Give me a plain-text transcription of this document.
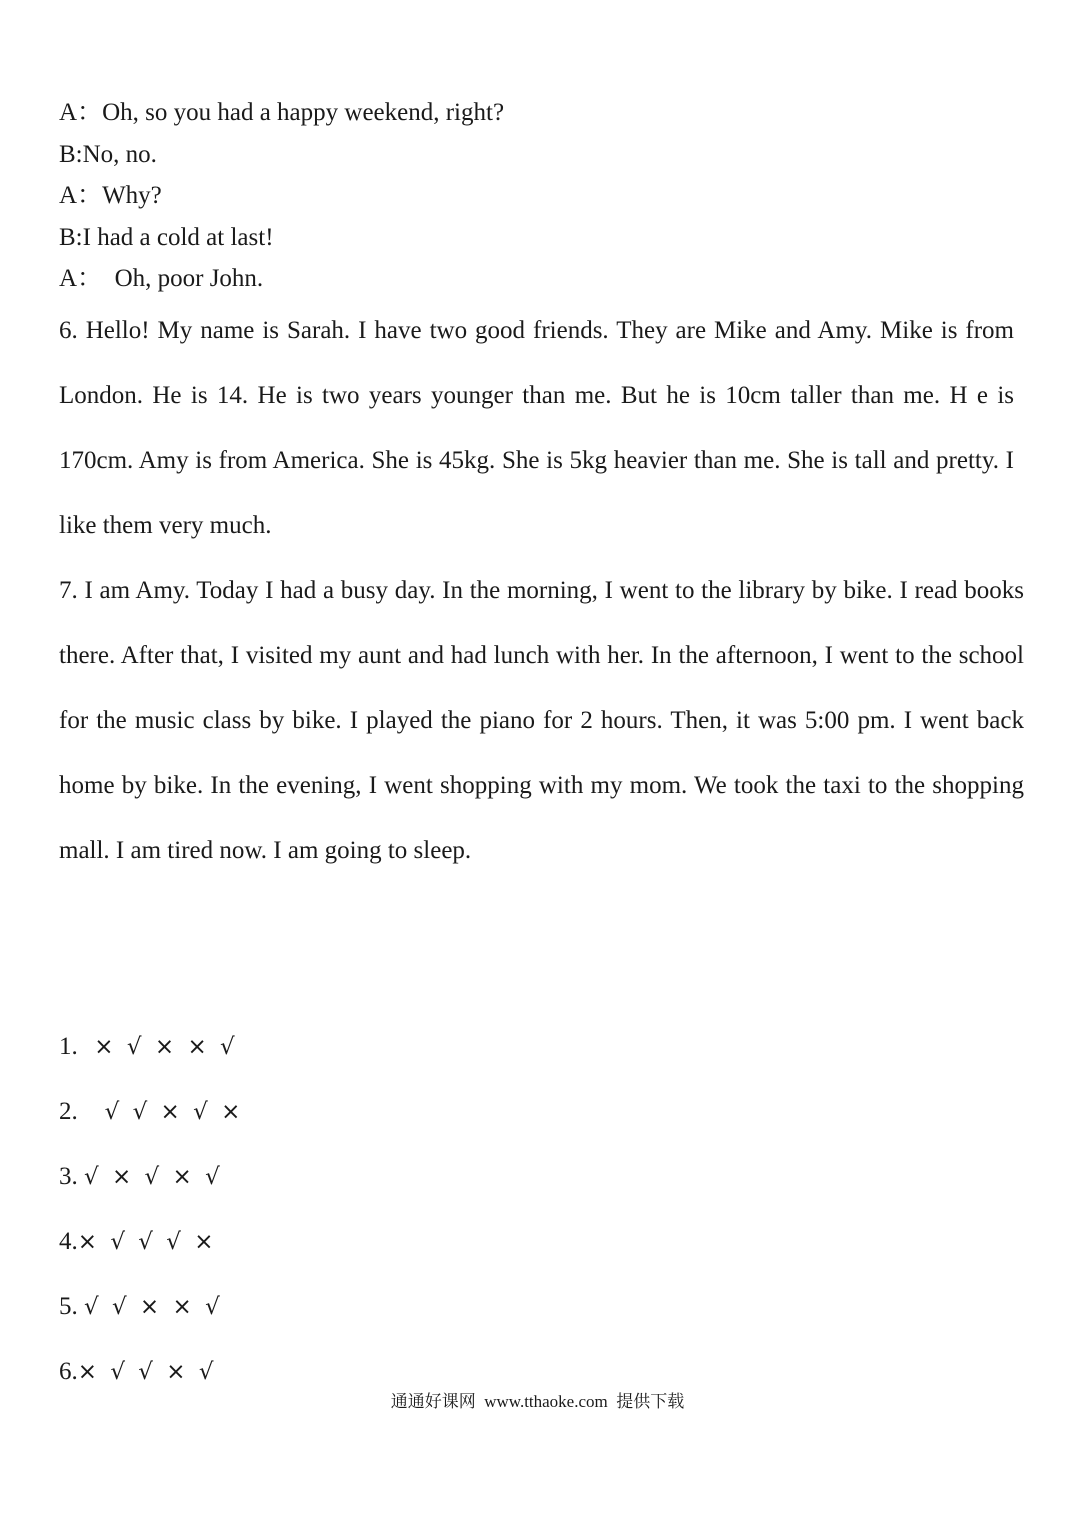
A：Oh, so you had a happy weekend, right?
B:No, no.
A：Why?
B:I had a cold at last!
A：  Oh, poor John.
6. Hello! My name is Sarah. I have two good friends. They are Mike and Amy. Mike is from London. He is 14. He is two years younger than me. But he is 10cm taller than me. H e is 170cm. Amy is from America. She is 45kg. She is 5kg heavier than me. She is tall and pretty. I like them very much.
7. I am Amy. Today I had a busy day. In the morning, I went to the library by bike. I read books there. After that, I visited my aunt and had lunch with her. In the afternoon, I went to the school for the music class by bike. I played the piano for 2 hours. Then, it was 5:00 pm. I went back home by bike. In the evening, I went shopping with my mom. We took the taxi to the shopping mall. I am tired now. I am going to sleep.
1.  × √ × × √
2.   √ √ × √ ×
3. √ × √ × √
4.× √ √ √ ×
5. √ √ × × √
6.× √ √ × √
通通好课网  www.tthaoke.com  提供下载
